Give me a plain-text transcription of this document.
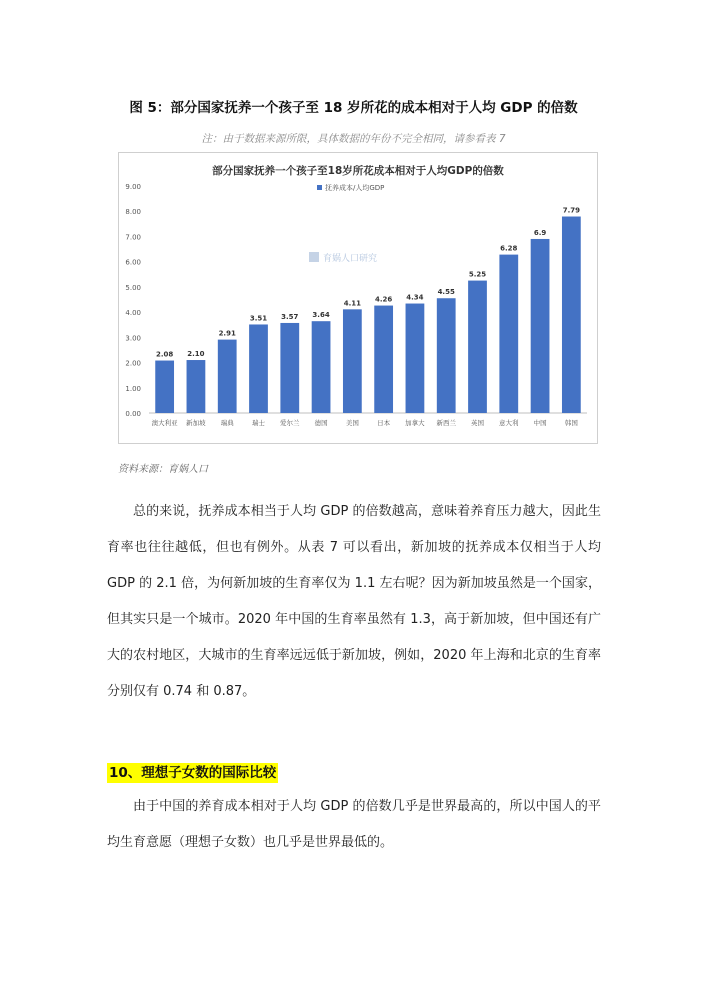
图 5：部分国家抚养一个孩子至 18 岁所花的成本相对于人均 GDP 的倍数
注：由于数据来源所限，具体数据的年份不完全相同，请参看表 7
部分国家抚养一个孩子至18岁所花成本相对于人均GDP的倍数
0.00
1.00
2.00
3.00
4.00
5.00
6.00
7.00
8.00
9.00	抚养成本/人均GDP
2.08
澳大利亚
2.10
新加坡
2.91
瑞典
3.51
瑞士
3.57
爱尔兰
3.64
德国
4.11
美国
4.26
日本
4.34
加拿大
4.55
新西兰
5.25
英国
6.28
意大利
6.9
中国
7.79
韩国
育娲人口研究
资料来源：育娲人口

总的来说，抚养成本相当于人均 GDP 的倍数越高，意味着养育压力越大，因此生育率也往往越低，但也有例外。从表 7 可以看出，新加坡的抚养成本仅相当于人均 GDP 的 2.1 倍，为何新加坡的生育率仅为 1.1 左右呢？因为新加坡虽然是一个国家，但其实只是一个城市。2020 年中国的生育率虽然有 1.3，高于新加坡，但中国还有广大的农村地区，大城市的生育率远远低于新加坡，例如，2020 年上海和北京的生育率分别仅有 0.74 和 0.87。

10、理想子女数的国际比较

由于中国的养育成本相对于人均 GDP 的倍数几乎是世界最高的，所以中国人的平均生育意愿（理想子女数）也几乎是世界最低的。
